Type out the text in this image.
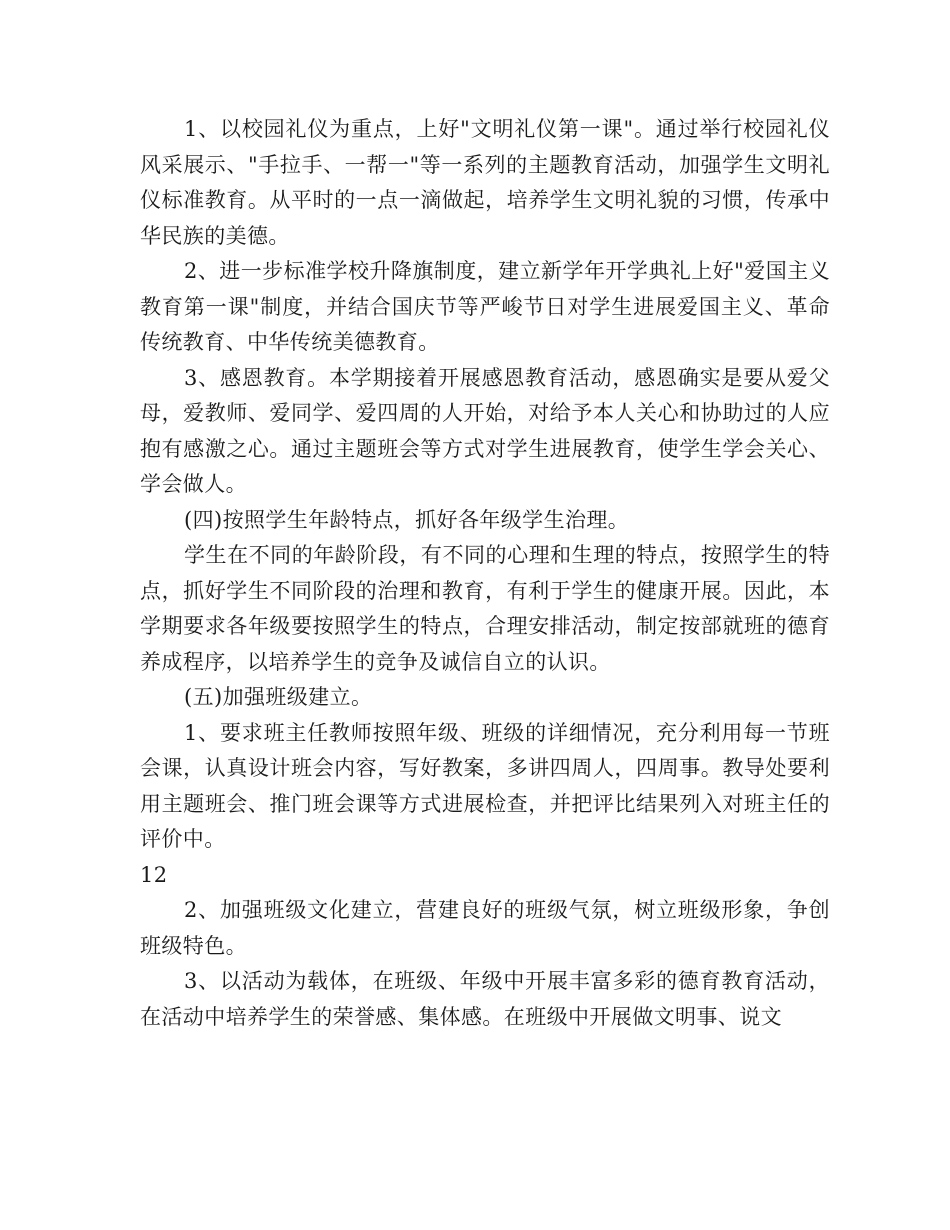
1、以校园礼仪为重点，上好"文明礼仪第一课"。通过举行校园礼仪风采展示、"手拉手、一帮一"等一系列的主题教育活动，加强学生文明礼仪标准教育。从平时的一点一滴做起，培养学生文明礼貌的习惯，传承中华民族的美德。

2、进一步标准学校升降旗制度，建立新学年开学典礼上好"爱国主义教育第一课"制度，并结合国庆节等严峻节日对学生进展爱国主义、革命传统教育、中华传统美德教育。

3、感恩教育。本学期接着开展感恩教育活动，感恩确实是要从爱父母，爱教师、爱同学、爱四周的人开始，对给予本人关心和协助过的人应抱有感激之心。通过主题班会等方式对学生进展教育，使学生学会关心、学会做人。

(四)按照学生年龄特点，抓好各年级学生治理。

学生在不同的年龄阶段，有不同的心理和生理的特点，按照学生的特点，抓好学生不同阶段的治理和教育，有利于学生的健康开展。因此，本学期要求各年级要按照学生的特点，合理安排活动，制定按部就班的德育养成程序，以培养学生的竞争及诚信自立的认识。

(五)加强班级建立。

1、要求班主任教师按照年级、班级的详细情况，充分利用每一节班会课，认真设计班会内容，写好教案，多讲四周人，四周事。教导处要利用主题班会、推门班会课等方式进展检查，并把评比结果列入对班主任的评价中。

12

2、加强班级文化建立，营建良好的班级气氛，树立班级形象，争创班级特色。

3、以活动为载体，在班级、年级中开展丰富多彩的德育教育活动，在活动中培养学生的荣誉感、集体感。在班级中开展做文明事、说文
